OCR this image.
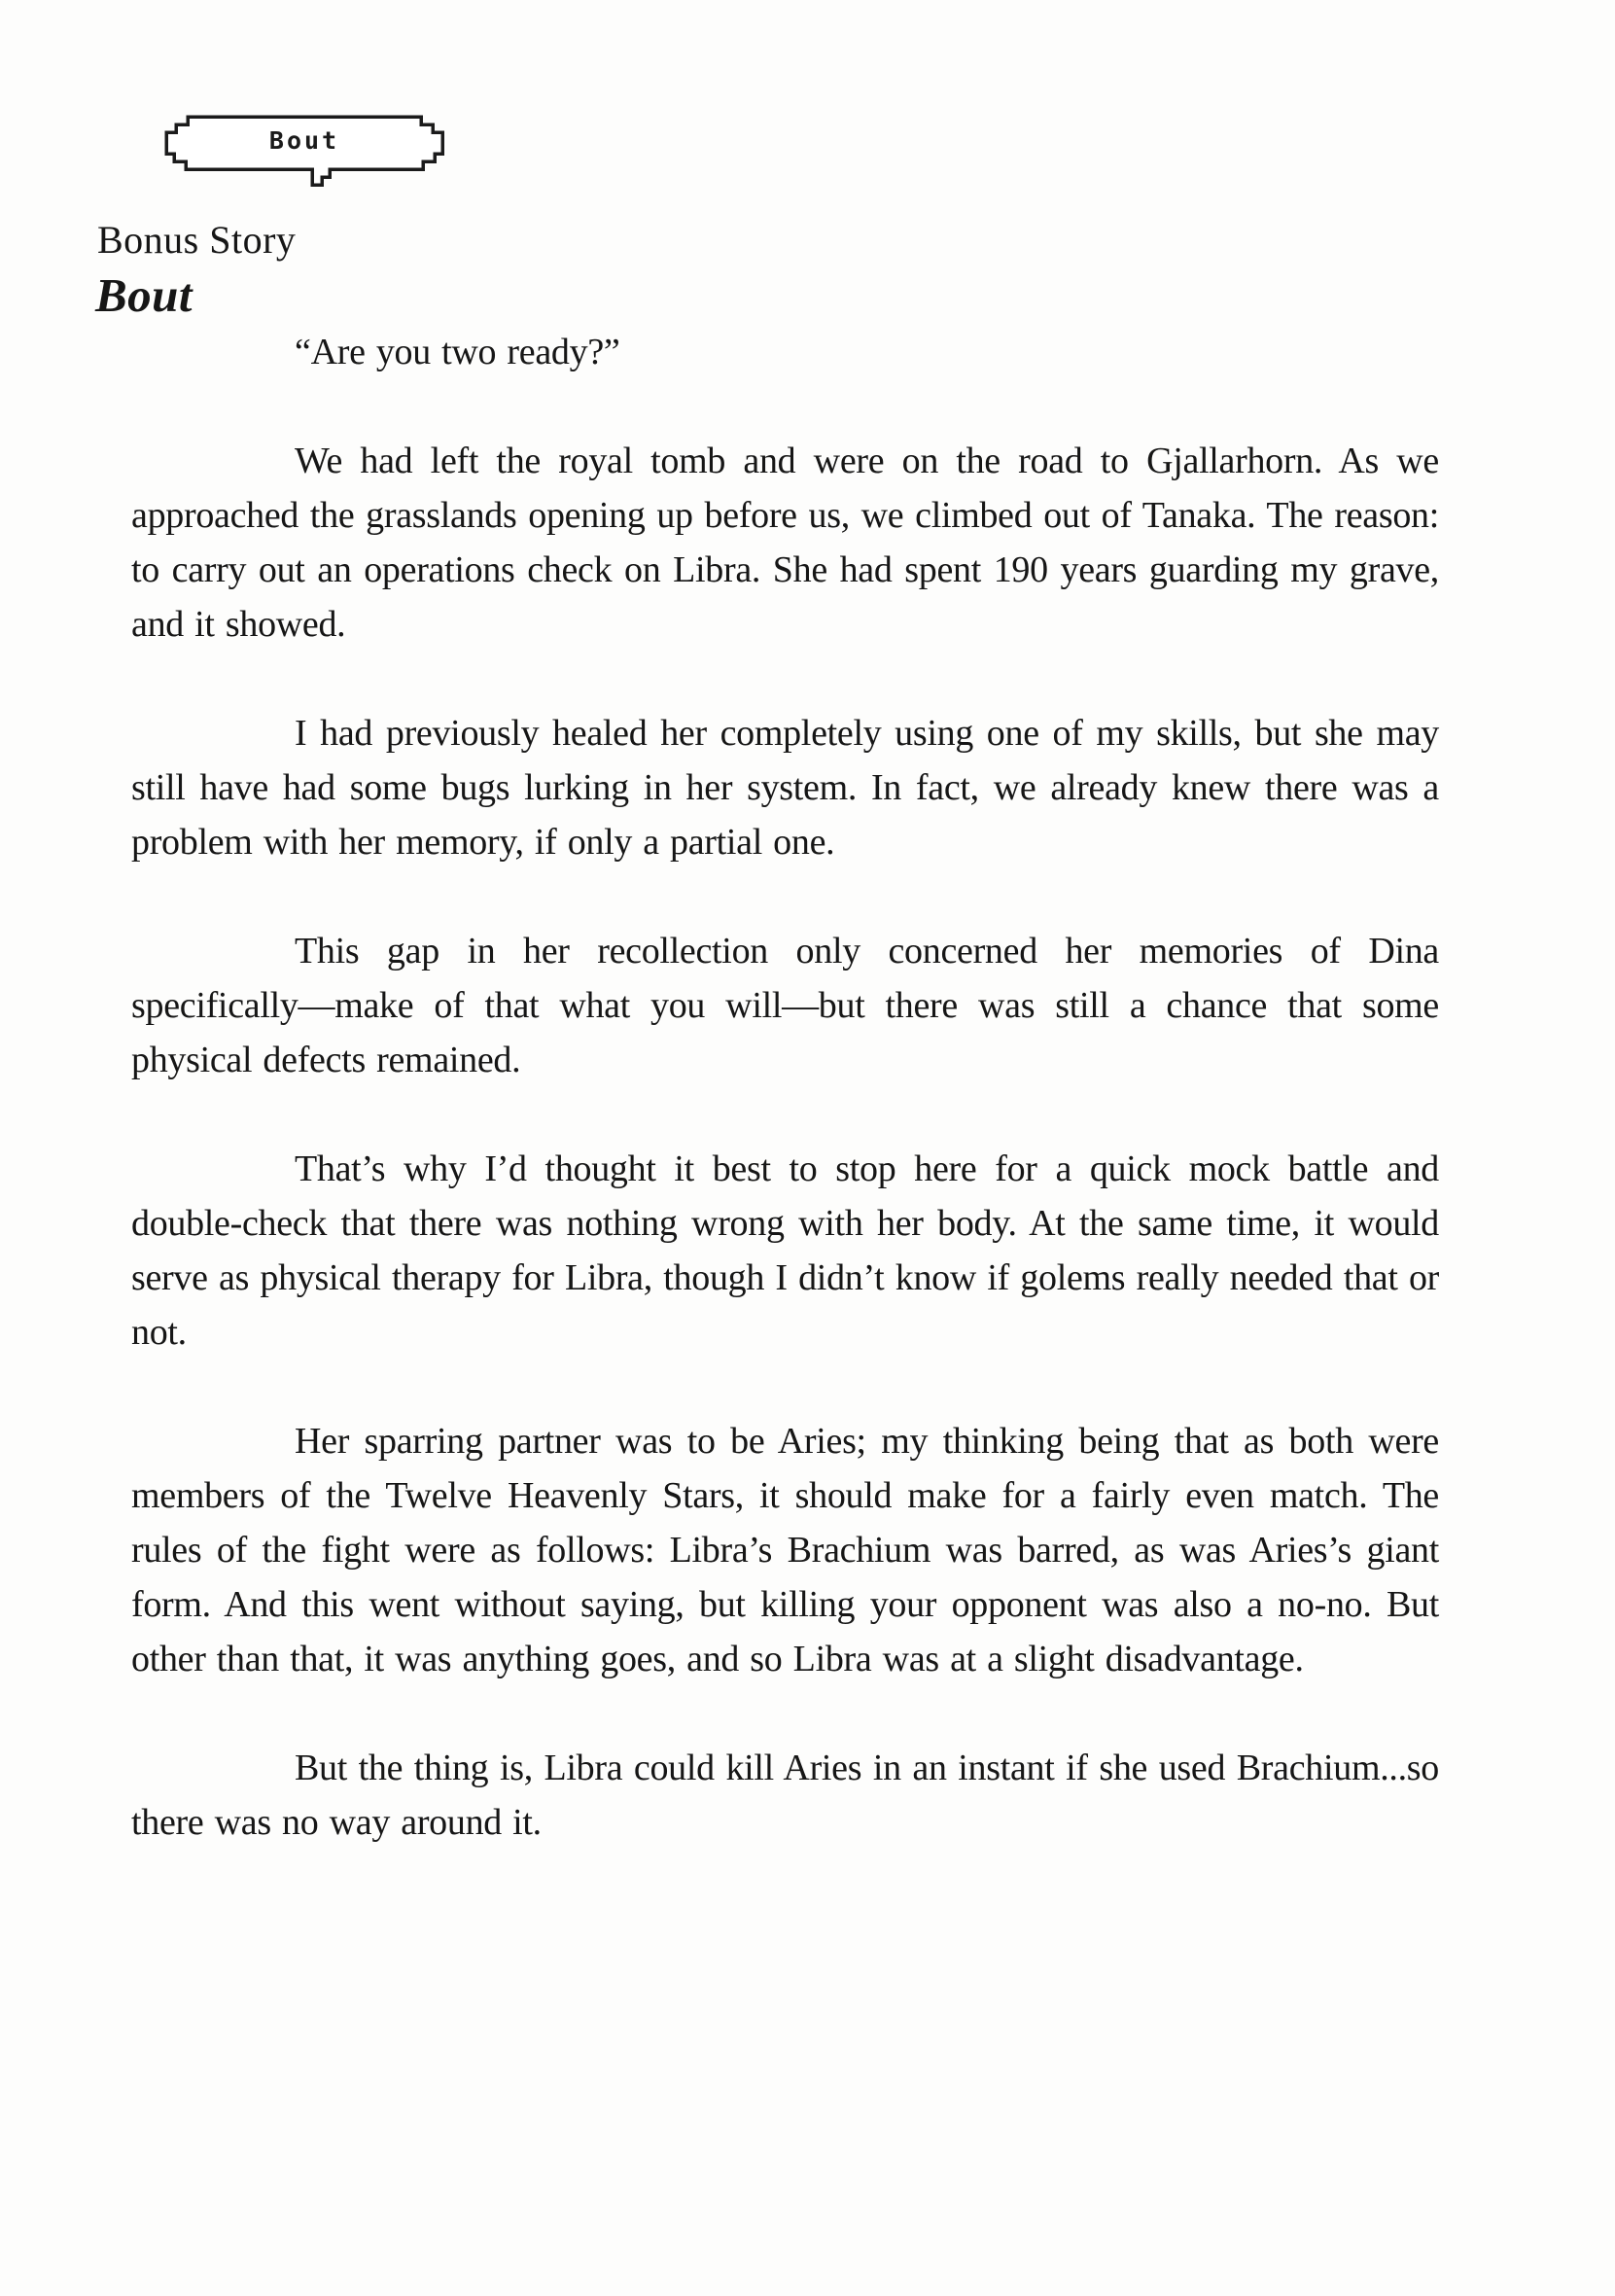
Bout
Bonus Story
Bout

“Are you two ready?”

We had left the royal tomb and were on the road to Gjallarhorn. As we approached the grasslands opening up before us, we climbed out of Tanaka. The reason: to carry out an operations check on Libra. She had spent 190 years guarding my grave, and it showed.

I had previously healed her completely using one of my skills, but she may still have had some bugs lurking in her system. In fact, we already knew there was a problem with her memory, if only a partial one.

This gap in her recollection only concerned her memories of Dina specifically—make of that what you will—but there was still a chance that some physical defects remained.

That’s why I’d thought it best to stop here for a quick mock battle and double-check that there was nothing wrong with her body. At the same time, it would serve as physical therapy for Libra, though I didn’t know if golems really needed that or not.

Her sparring partner was to be Aries; my thinking being that as both were members of the Twelve Heavenly Stars, it should make for a fairly even match. The rules of the fight were as follows: Libra’s Brachium was barred, as was Aries’s giant form. And this went without saying, but killing your opponent was also a no-no. But other than that, it was anything goes, and so Libra was at a slight disadvantage.

But the thing is, Libra could kill Aries in an instant if she used Brachium...so there was no way around it.
